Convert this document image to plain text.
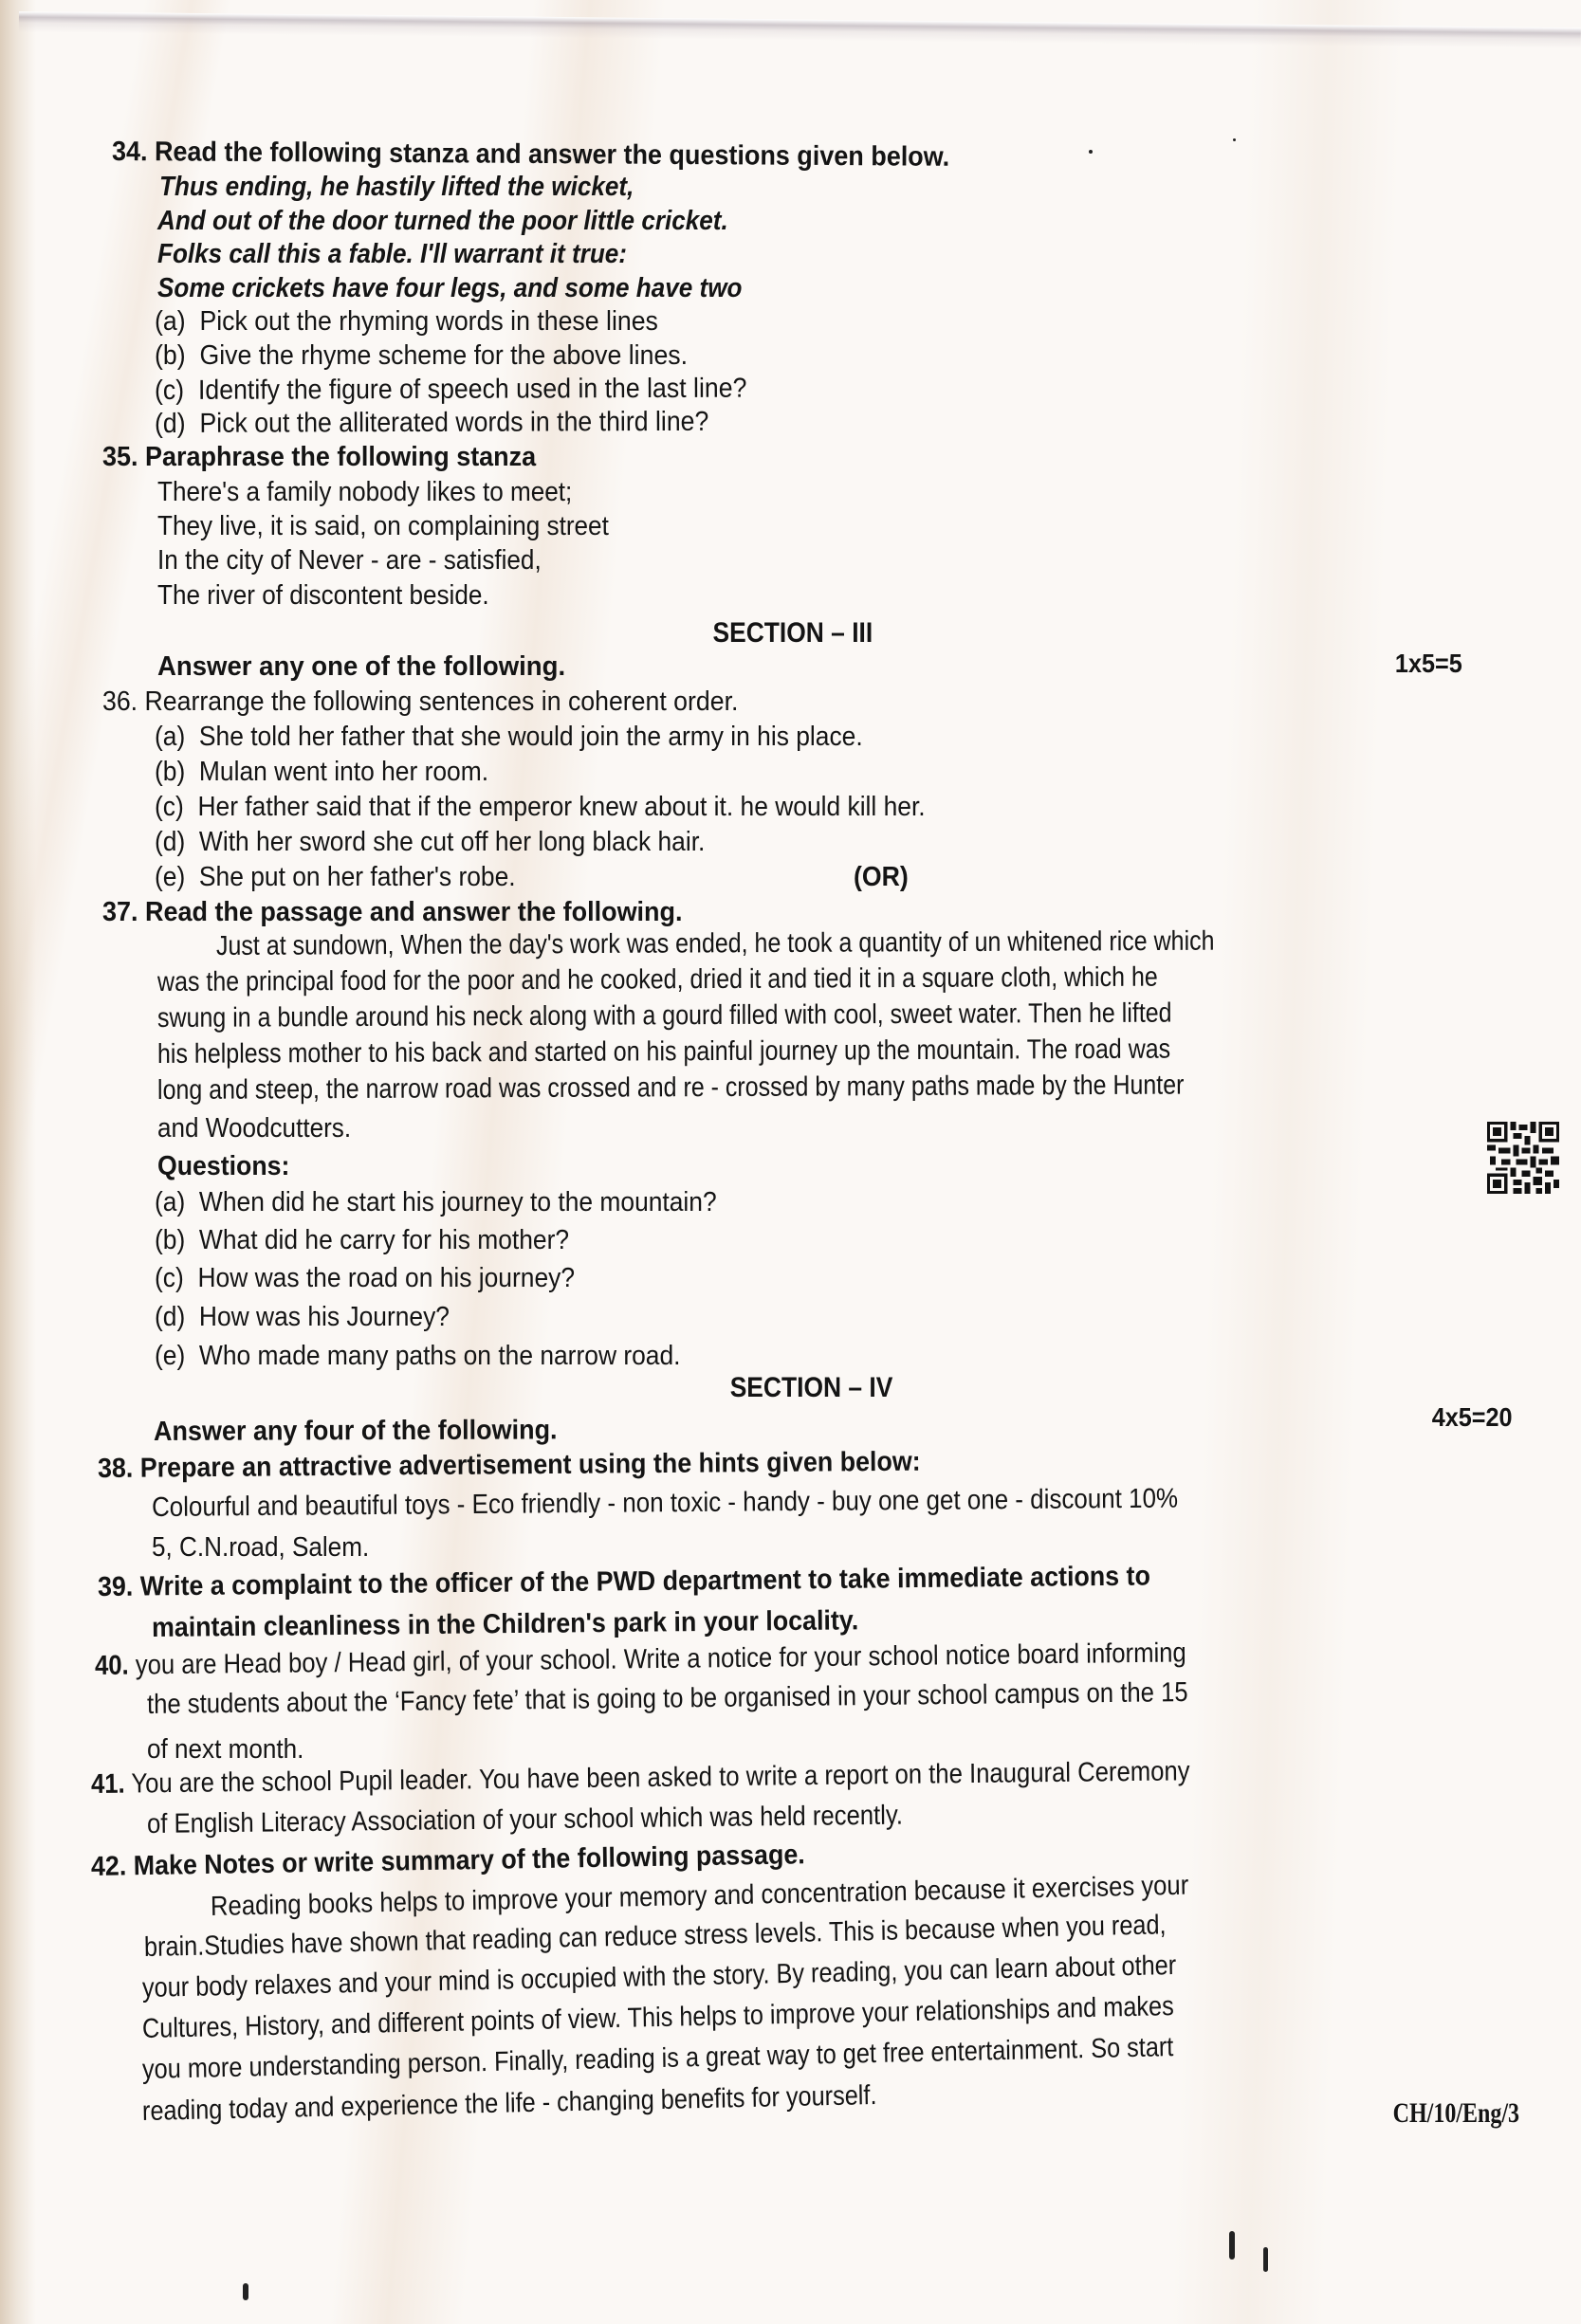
34. Read the following stanza and answer the questions given below.
Thus ending, he hastily lifted the wicket,
And out of the door turned the poor little cricket.
Folks call this a fable. I'll warrant it true:
Some crickets have four legs, and some have two
(a) Pick out the rhyming words in these lines
(b) Give the rhyme scheme for the above lines.
(c) Identify the figure of speech used in the last line?
(d) Pick out the alliterated words in the third line?
35. Paraphrase the following stanza
There's a family nobody likes to meet;
They live, it is said, on complaining street
In the city of Never - are - satisfied,
The river of discontent beside.
SECTION – III
Answer any one of the following.	1x5=5
36. Rearrange the following sentences in coherent order.
(a) She told her father that she would join the army in his place.
(b) Mulan went into her room.
(c) Her father said that if the emperor knew about it. he would kill her.
(d) With her sword she cut off her long black hair.
(e) She put on her father's robe.	(OR)
37. Read the passage and answer the following.
Just at sundown, When the day's work was ended, he took a quantity of un whitened rice which
was the principal food for the poor and he cooked, dried it and tied it in a square cloth, which he
swung in a bundle around his neck along with a gourd filled with cool, sweet water. Then he lifted
his helpless mother to his back and started on his painful journey up the mountain. The road was
long and steep, the narrow road was crossed and re - crossed by many paths made by the Hunter
and Woodcutters.
Questions:
(a) When did he start his journey to the mountain?
(b) What did he carry for his mother?
(c) How was the road on his journey?
(d) How was his Journey?
(e) Who made many paths on the narrow road.
SECTION – IV
4x5=20
Answer any four of the following.
38. Prepare an attractive advertisement using the hints given below:
Colourful and beautiful toys - Eco friendly - non toxic - handy - buy one get one - discount 10%
5, C.N.road, Salem.
39. Write a complaint to the officer of the PWD department to take immediate actions to
maintain cleanliness in the Children's park in your locality.
40. you are Head boy / Head girl, of your school. Write a notice for your school notice board informing
the students about the ‘Fancy fete’ that is going to be organised in your school campus on the 15
of next month.
41. You are the school Pupil leader. You have been asked to write a report on the Inaugural Ceremony
of English Literacy Association of your school which was held recently.
42. Make Notes or write summary of the following passage.
Reading books helps to improve your memory and concentration because it exercises your
brain.Studies have shown that reading can reduce stress levels. This is because when you read,
your body relaxes and your mind is occupied with the story. By reading, you can learn about other
Cultures, History, and different points of view. This helps to improve your relationships and makes
you more understanding person. Finally, reading is a great way to get free entertainment. So start
reading today and experience the life - changing benefits for yourself.	CH/10/Eng/3
